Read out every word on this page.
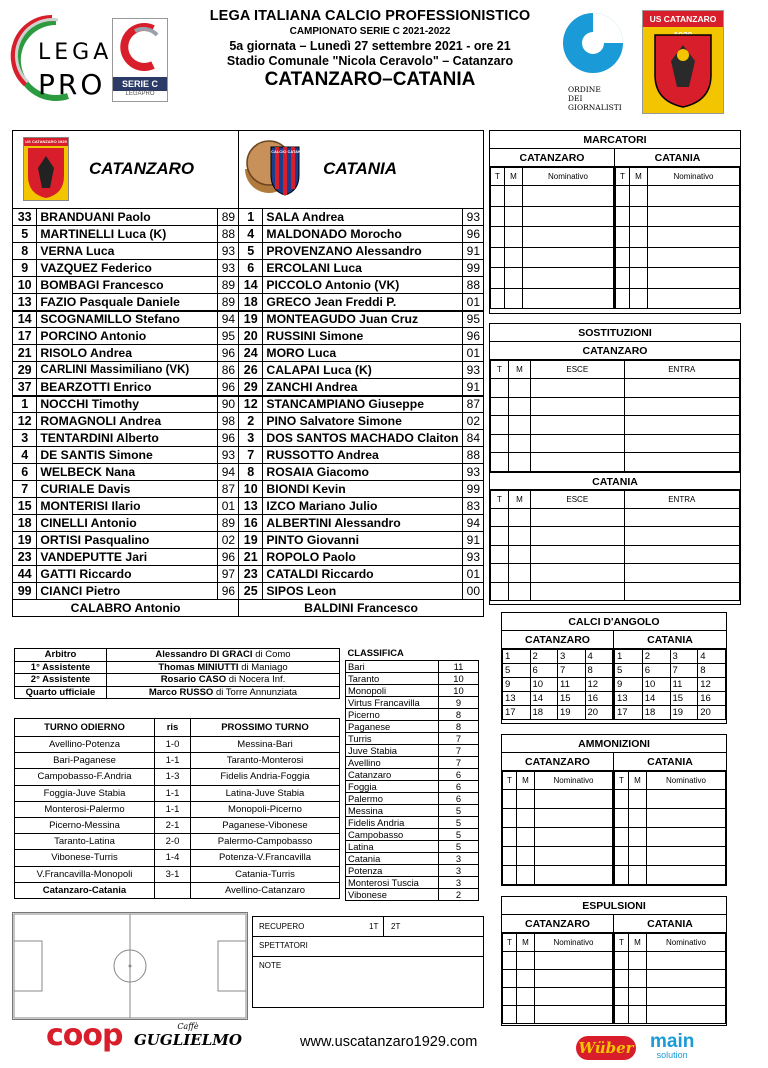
LEGA
PRO	SERIE C
LEGAPRO
LEGA ITALIANA CALCIO PROFESSIONISTICO
CAMPIONATO SERIE C 2021-2022
5a giornata – Lunedì 27 settembre 2021 - ore 21
Stadio Comunale "Nicola Ceravolo" – Catanzaro
CATANZARO–CATANIA	ORDINE
DEI
GIORNALISTI
US CATANZARO
US CATANZARO 1929
CATANZARO			CALCIO CATANIA
CATANIA		

33	BRANDUANI Paolo	89	1	SALA Andrea	93
5	MARTINELLI Luca (K)	88	4	MALDONADO Morocho	96
8	VERNA Luca	93	5	PROVENZANO Alessandro	91
9	VAZQUEZ Federico	93	6	ERCOLANI Luca	99
10	BOMBAGI Francesco	89	14	PICCOLO Antonio (VK)	88
13	FAZIO Pasquale Daniele	89	18	GRECO Jean Freddi P.	01
14	SCOGNAMILLO Stefano	94	19	MONTEAGUDO Juan Cruz	95
17	PORCINO Antonio	95	20	RUSSINI Simone	96
21	RISOLO Andrea	96	24	MORO Luca	01
29	CARLINI Massimiliano (VK)	86	26	CALAPAI Luca (K)	93
37	BEARZOTTI Enrico	96	29	ZANCHI Andrea	91
1	NOCCHI Timothy	90	12	STANCAMPIANO Giuseppe	87
12	ROMAGNOLI Andrea	98	2	PINO Salvatore Simone	02
3	TENTARDINI Alberto	96	3	DOS SANTOS MACHADO Claiton	84
4	DE SANTIS Simone	93	7	RUSSOTTO Andrea	88
6	WELBECK Nana	94	8	ROSAIA Giacomo	93
7	CURIALE Davis	87	10	BIONDI Kevin	99
15	MONTERISI Ilario	01	13	IZCO Mariano Julio	83
18	CINELLI Antonio	89	16	ALBERTINI Alessandro	94
19	ORTISI Pasqualino	02	19	PINTO Giovanni	91
23	VANDEPUTTE Jari	96	21	ROPOLO Paolo	93
44	GATTI Riccardo	97	23	CATALDI Riccardo	01
99	CIANCI Pietro	96	25	SIPOS Leon	00
CALABRO Antonio			BALDINI Francesco		
MARCATORI
CATANZARO
T	M	Nominativo

CATANIA
T	M	Nominativo

SOSTITUZIONI
CATANZARO
T	M	ESCE	ENTRA

CATANIA
T	M	ESCE	ENTRA

Arbitro	Alessandro DI GRACI di Como
1° Assistente	Thomas MINIUTTI di Maniago
2° Assistente	Rosario CASO di Nocera Inf.
Quarto ufficiale	Marco RUSSO di Torre Annunziata
CLASSIFICA	
Bari	11
Taranto	10
Monopoli	10
Virtus Francavilla	9
Picerno	8
Paganese	8
Turris	7
Juve Stabia	7
Avellino	7
Catanzaro	6
Foggia	6
Palermo	6
Messina	5
Fidelis Andria	5
Campobasso	5
Latina	5
Catania	3
Potenza	3
Monterosi Tuscia	3
Vibonese	2
TURNO ODIERNO	ris	PROSSIMO TURNO
Avellino-Potenza	1-0	Messina-Bari
Bari-Paganese	1-1	Taranto-Monterosi
Campobasso-F.Andria	1-3	Fidelis Andria-Foggia
Foggia-Juve Stabia	1-1	Latina-Juve Stabia
Monterosi-Palermo	1-1	Monopoli-Picerno
Picerno-Messina	2-1	Paganese-Vibonese
Taranto-Latina	2-0	Palermo-Campobasso
Vibonese-Turris	1-4	Potenza-V.Francavilla
V.Francavilla-Monopoli	3-1	Catania-Turris
Catanzaro-Catania		Avellino-Catanzaro
CALCI D'ANGOLO
CATANZARO
1	2	3	4
5	6	7	8
9	10	11	12
13	14	15	16
17	18	19	20
CATANIA
1	2	3	4
5	6	7	8
9	10	11	12
13	14	15	16
17	18	19	20
AMMONIZIONI
CATANZARO
T	M	Nominativo

CATANIA
T	M	Nominativo

ESPULSIONI
CATANZARO
T	M	Nominativo

CATANIA
T	M	Nominativo

RECUPERO	1T 2T
SPETTATORI
NOTE
coop	Caffè
GUGLIELMO	www.uscatanzaro1929.com	Wüber main
solution
